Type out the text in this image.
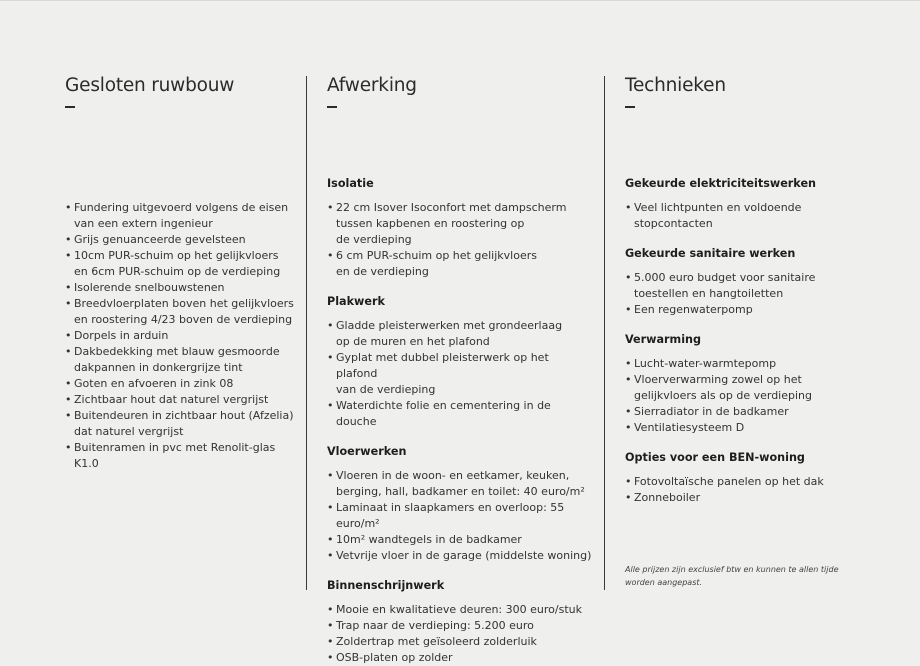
Gesloten ruwbouw
• Fundering uitgevoerd volgens de eisen
van een extern ingenieur
• Grijs genuanceerde gevelsteen
• 10cm PUR-schuim op het gelijkvloers
en 6cm PUR-schuim op de verdieping
• Isolerende snelbouwstenen
• Breedvloerplaten boven het gelijkvloers
en roostering 4/23 boven de verdieping
• Dorpels in arduin
• Dakbedekking met blauw gesmoorde
dakpannen in donkergrijze tint
• Goten en afvoeren in zink 08
• Zichtbaar hout dat naturel vergrijst
• Buitendeuren in zichtbaar hout (Afzelia)
dat naturel vergrijst
• Buitenramen in pvc met Renolit-glas K1.0
Afwerking
Isolatie
• 22 cm Isover Isoconfort met dampscherm
tussen kapbenen en roostering op
de verdieping
• 6 cm PUR-schuim op het gelijkvloers
en de verdieping
Plakwerk
• Gladde pleisterwerken met grondeerlaag
op de muren en het plafond
• Gyplat met dubbel pleisterwerk op het plafond
van de verdieping
• Waterdichte folie en cementering in de douche
Vloerwerken
• Vloeren in de woon- en eetkamer, keuken,
berging, hall, badkamer en toilet: 40 euro/m²
• Laminaat in slaapkamers en overloop: 55 euro/m²
• 10m² wandtegels in de badkamer
• Vetvrije vloer in de garage (middelste woning)
Binnenschrijnwerk
• Mooie en kwalitatieve deuren: 300 euro/stuk
• Trap naar de verdieping: 5.200 euro
• Zoldertrap met geïsoleerd zolderluik
• OSB-platen op zolder
Technieken
Gekeurde elektriciteitswerken
• Veel lichtpunten en voldoende
stopcontacten
Gekeurde sanitaire werken
• 5.000 euro budget voor sanitaire
toestellen en hangtoiletten
• Een regenwaterpomp
Verwarming
• Lucht-water-warmtepomp
• Vloerverwarming zowel op het
gelijkvloers als op de verdieping
• Sierradiator in de badkamer
• Ventilatiesysteem D
Opties voor een BEN-woning
• Fotovoltaïsche panelen op het dak
• Zonneboiler
Alle prijzen zijn exclusief btw en kunnen te allen tijde
worden aangepast.
